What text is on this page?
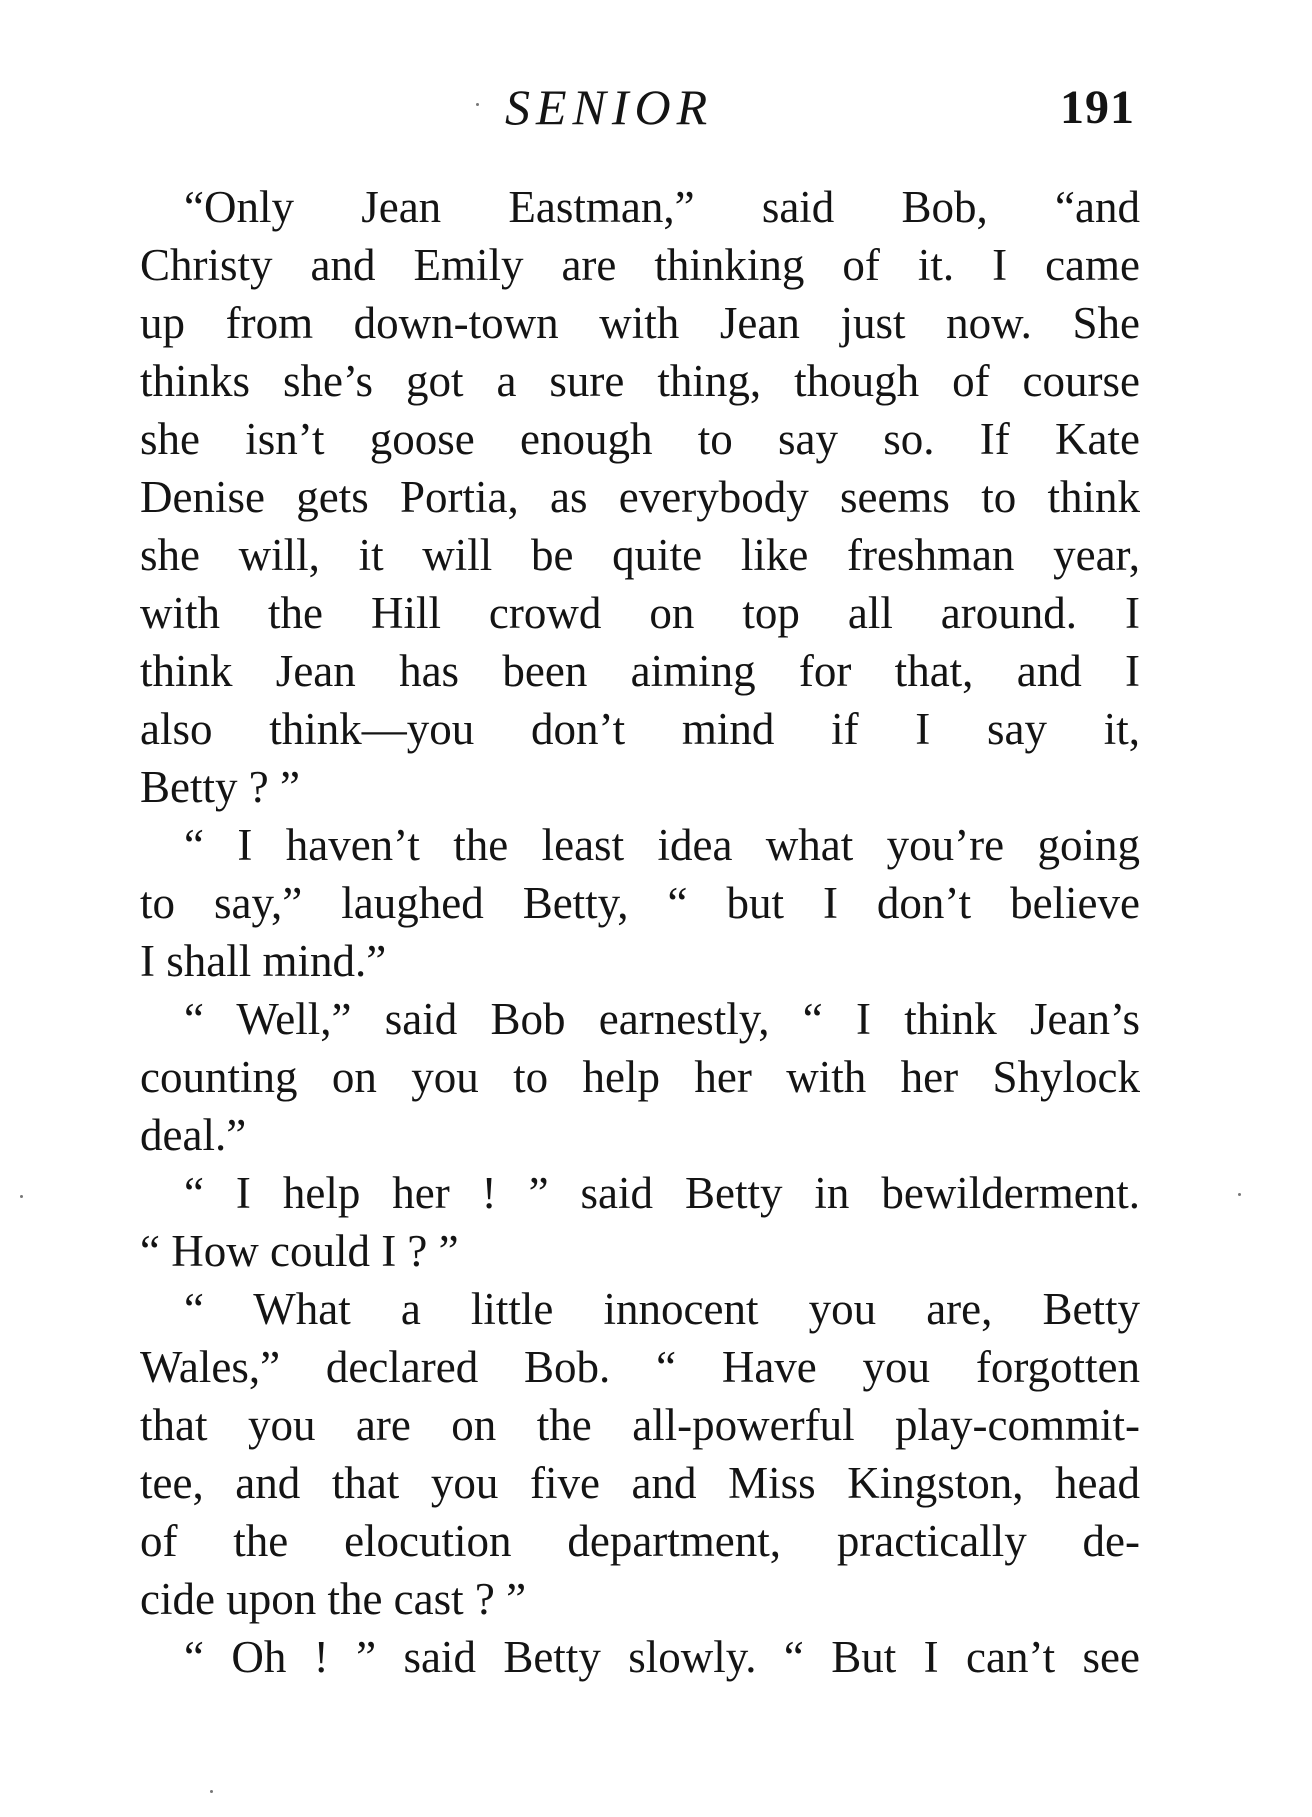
SENIOR	191
“Only Jean Eastman,” said Bob, “and
Christy and Emily are thinking of it. I came
up from down-town with Jean just now. She
thinks she’s got a sure thing, though of course
she isn’t goose enough to say so. If Kate
Denise gets Portia, as everybody seems to think
she will, it will be quite like freshman year,
with the Hill crowd on top all around. I
think Jean has been aiming for that, and I
also think—you don’t mind if I say it,
Betty ? ”
“ I haven’t the least idea what you’re going
to say,” laughed Betty, “ but I don’t believe
I shall mind.”
“ Well,” said Bob earnestly, “ I think Jean’s
counting on you to help her with her Shylock
deal.”
“ I help her ! ” said Betty in bewilderment.
“ How could I ? ”
“ What a little innocent you are, Betty
Wales,” declared Bob. “ Have you forgotten
that you are on the all-powerful play-commit-
tee, and that you five and Miss Kingston, head
of the elocution department, practically de-
cide upon the cast ? ”
“ Oh ! ” said Betty slowly. “ But I can’t see
